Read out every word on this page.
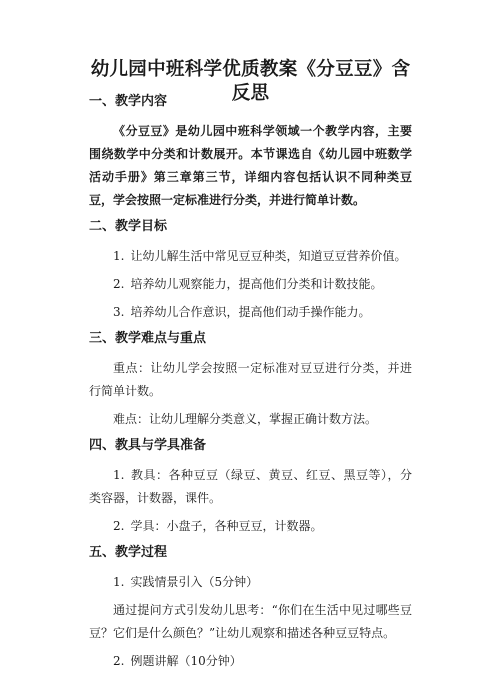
幼儿园中班科学优质教案《分豆豆》含反思
一、教学内容

《分豆豆》是幼儿园中班科学领域一个教学内容，主要围绕数学中分类和计数展开。本节课选自《幼儿园中班数学活动手册》第三章第三节，详细内容包括认识不同种类豆豆，学会按照一定标准进行分类，并进行简单计数。

二、教学目标

1. 让幼儿解生活中常见豆豆种类，知道豆豆营养价值。

2. 培养幼儿观察能力，提高他们分类和计数技能。

3. 培养幼儿合作意识，提高他们动手操作能力。

三、教学难点与重点

重点：让幼儿学会按照一定标准对豆豆进行分类，并进行简单计数。

难点：让幼儿理解分类意义，掌握正确计数方法。

四、教具与学具准备

1. 教具：各种豆豆（绿豆、黄豆、红豆、黑豆等），分类容器，计数器，课件。

2. 学具：小盘子，各种豆豆，计数器。

五、教学过程

1. 实践情景引入（5分钟）

通过提问方式引发幼儿思考：“你们在生活中见过哪些豆豆？它们是什么颜色？”让幼儿观察和描述各种豆豆特点。

2. 例题讲解（10分钟）
